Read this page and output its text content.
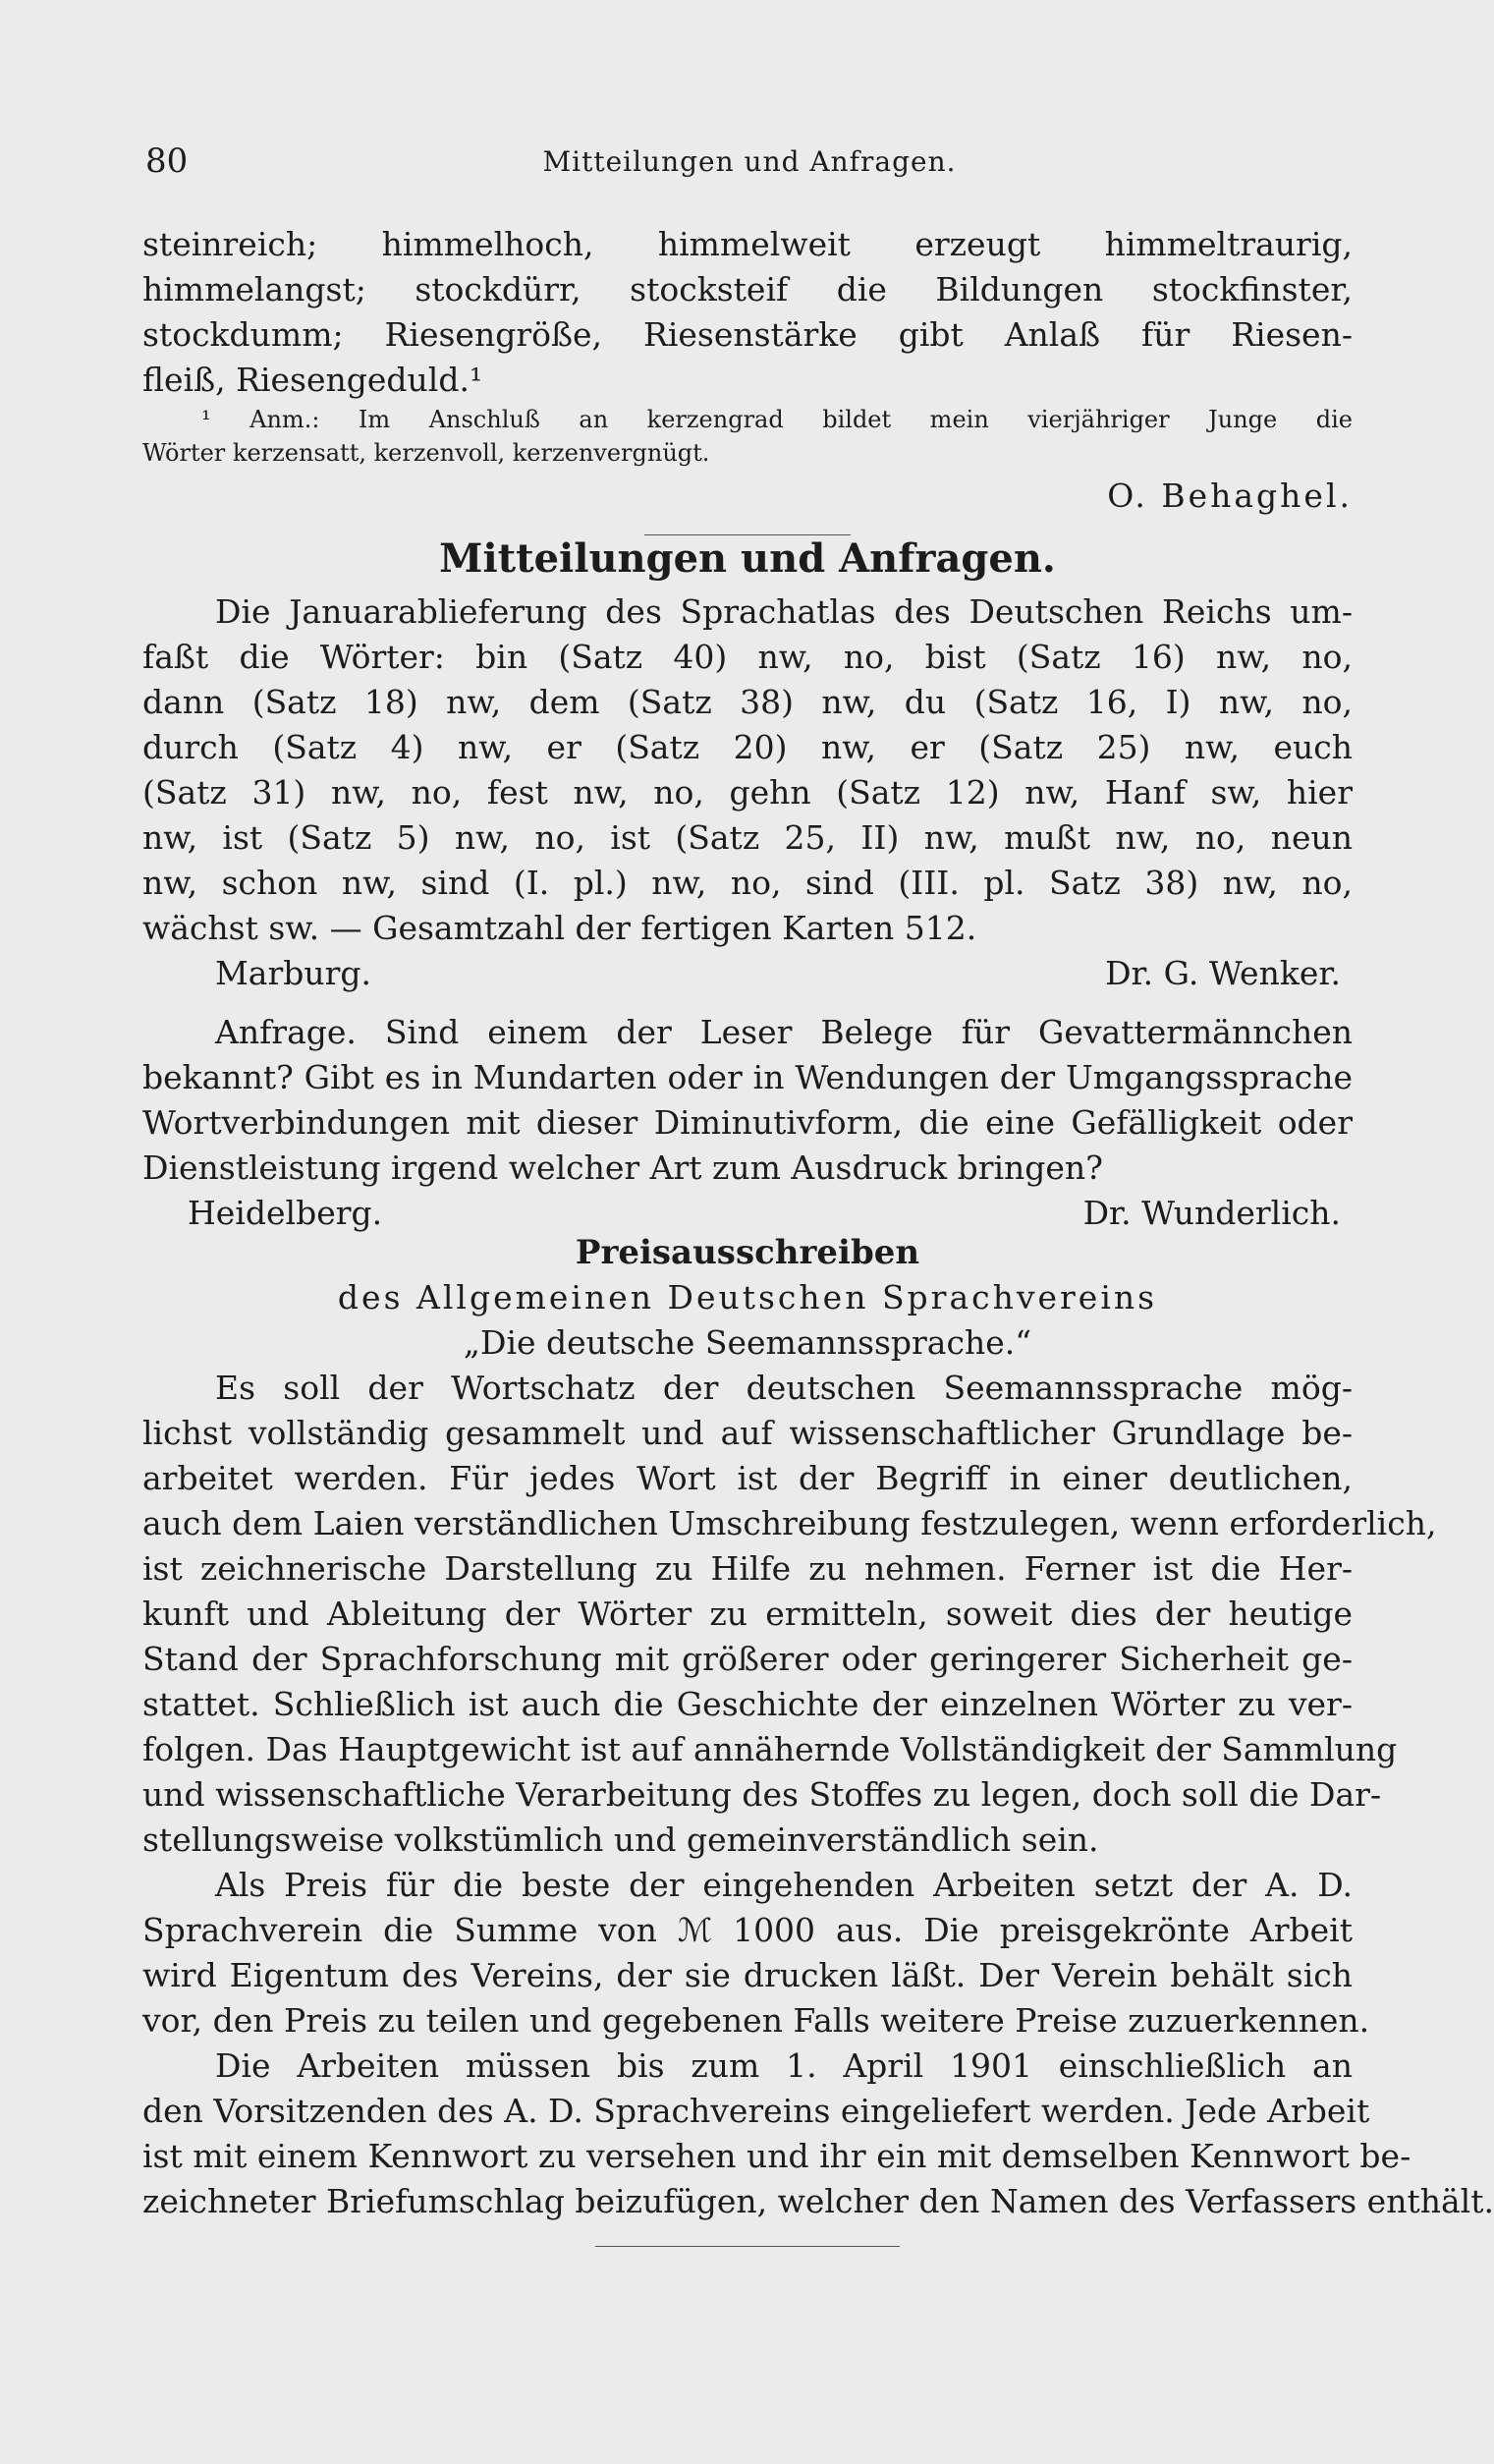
80	Mitteilungen und Anfragen.
steinreich; himmelhoch, himmelweit erzeugt himmeltraurig,
himmelangst; stockdürr, stocksteif die Bildungen stockfinster,
stockdumm; Riesengröße, Riesenstärke gibt Anlaß für Riesen-
fleiß, Riesengeduld.¹
¹ Anm.: Im Anschluß an kerzengrad bildet mein vierjähriger Junge die
Wörter kerzensatt, kerzenvoll, kerzenvergnügt.
O. Behaghel.
Mitteilungen und Anfragen.
Die Januarablieferung des Sprachatlas des Deutschen Reichs um-
faßt die Wörter: bin (Satz 40) nw, no, bist (Satz 16) nw, no,
dann (Satz 18) nw, dem (Satz 38) nw, du (Satz 16, I) nw, no,
durch (Satz 4) nw, er (Satz 20) nw, er (Satz 25) nw, euch
(Satz 31) nw, no, fest nw, no, gehn (Satz 12) nw, Hanf sw, hier
nw, ist (Satz 5) nw, no, ist (Satz 25, II) nw, mußt nw, no, neun
nw, schon nw, sind (I. pl.) nw, no, sind (III. pl. Satz 38) nw, no,
wächst sw. — Gesamtzahl der fertigen Karten 512.
Marburg.	Dr. G. Wenker.
Anfrage. Sind einem der Leser Belege für Gevattermännchen
bekannt? Gibt es in Mundarten oder in Wendungen der Umgangssprache
Wortverbindungen mit dieser Diminutivform, die eine Gefälligkeit oder
Dienstleistung irgend welcher Art zum Ausdruck bringen?
Heidelberg.	Dr. Wunderlich.
Preisausschreiben
des Allgemeinen Deutschen Sprachvereins
„Die deutsche Seemannssprache.“
Es soll der Wortschatz der deutschen Seemannssprache mög-
lichst vollständig gesammelt und auf wissenschaftlicher Grundlage be-
arbeitet werden. Für jedes Wort ist der Begriff in einer deutlichen,
auch dem Laien verständlichen Umschreibung festzulegen, wenn erforderlich,
ist zeichnerische Darstellung zu Hilfe zu nehmen. Ferner ist die Her-
kunft und Ableitung der Wörter zu ermitteln, soweit dies der heutige
Stand der Sprachforschung mit größerer oder geringerer Sicherheit ge-
stattet. Schließlich ist auch die Geschichte der einzelnen Wörter zu ver-
folgen. Das Hauptgewicht ist auf annähernde Vollständigkeit der Sammlung
und wissenschaftliche Verarbeitung des Stoffes zu legen, doch soll die Dar-
stellungsweise volkstümlich und gemeinverständlich sein.
Als Preis für die beste der eingehenden Arbeiten setzt der A. D.
Sprachverein die Summe von ℳ 1000 aus. Die preisgekrönte Arbeit
wird Eigentum des Vereins, der sie drucken läßt. Der Verein behält sich
vor, den Preis zu teilen und gegebenen Falls weitere Preise zuzuerkennen.
Die Arbeiten müssen bis zum 1. April 1901 einschließlich an
den Vorsitzenden des A. D. Sprachvereins eingeliefert werden. Jede Arbeit
ist mit einem Kennwort zu versehen und ihr ein mit demselben Kennwort be-
zeichneter Briefumschlag beizufügen, welcher den Namen des Verfassers enthält.
